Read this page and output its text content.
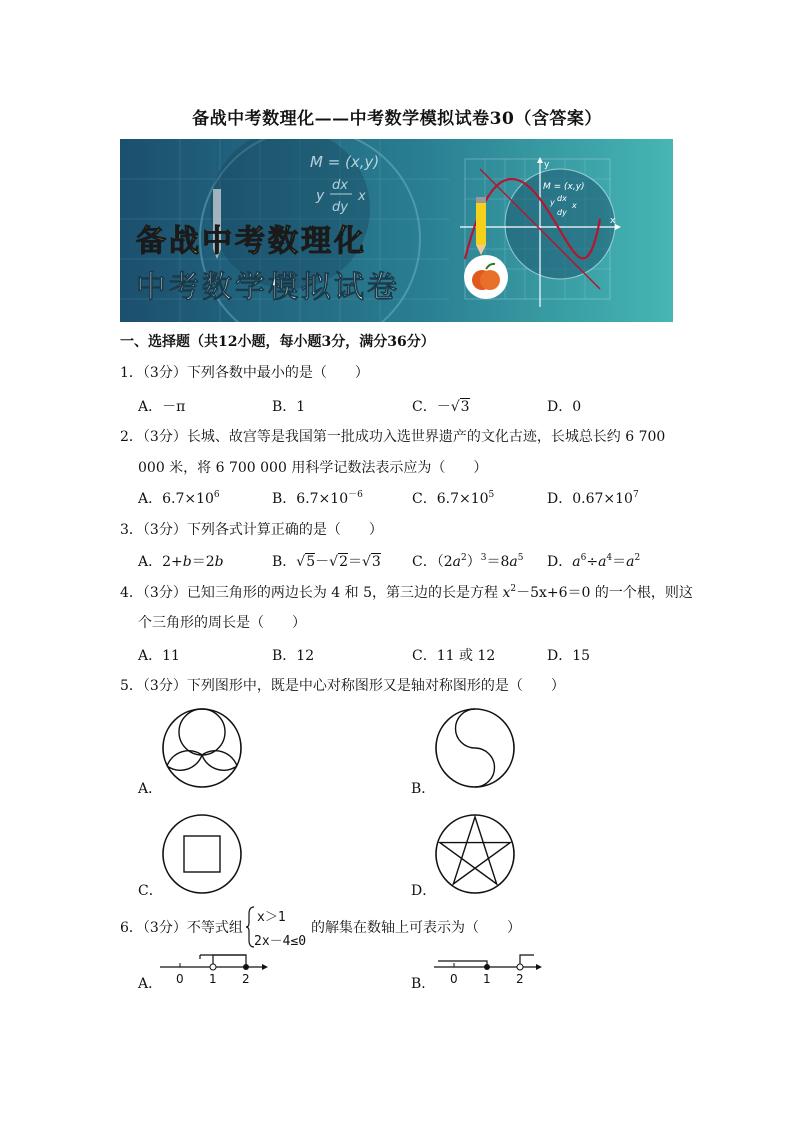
备战中考数理化——中考数学模拟试卷30（含答案）
M = (x,y)
y
dx
dy
x
备战中考数理化
中考数学模拟试卷
x
y
M = (x,y)
y dx
dy
x
一、选择题（共12小题，每小题3分，满分36分）
1．（3分）下列各数中最小的是（　　）
A．－π	B．1	C．－√3	D．0
2．（3分）长城、故宫等是我国第一批成功入选世界遗产的文化古迹，长城总长约 6 700
000 米，将 6 700 000 用科学记数法表示应为（　　）
A．$6.7\times 10^6$	B．$6.7\times 10^{-6}$	C．$6.7\times 10^5$	D．$0.67\times 10^7$
3．（3分）下列各式计算正确的是（　　）
A．2+b＝2b	B．√5－√2＝√3 C．$(2a^2)^3=8a^5$ D．$a^6\div a^4=a^2$
4．（3分）已知三角形的两边长为 4 和 5，第三边的长是方程 $x^2-5x+6=0$ 的一个根，则这
个三角形的周长是（　　）
A．11	B．12	C．11 或 12	D．15
5．（3分）下列图形中，既是中心对称图形又是轴对称图形的是（　　）
A．	B．
C．	D．
6．（3分）不等式组
x＞1
2x－4≤0
的解集在数轴上可表示为（　　）
A． 0 1 2	B． 0 1 2
